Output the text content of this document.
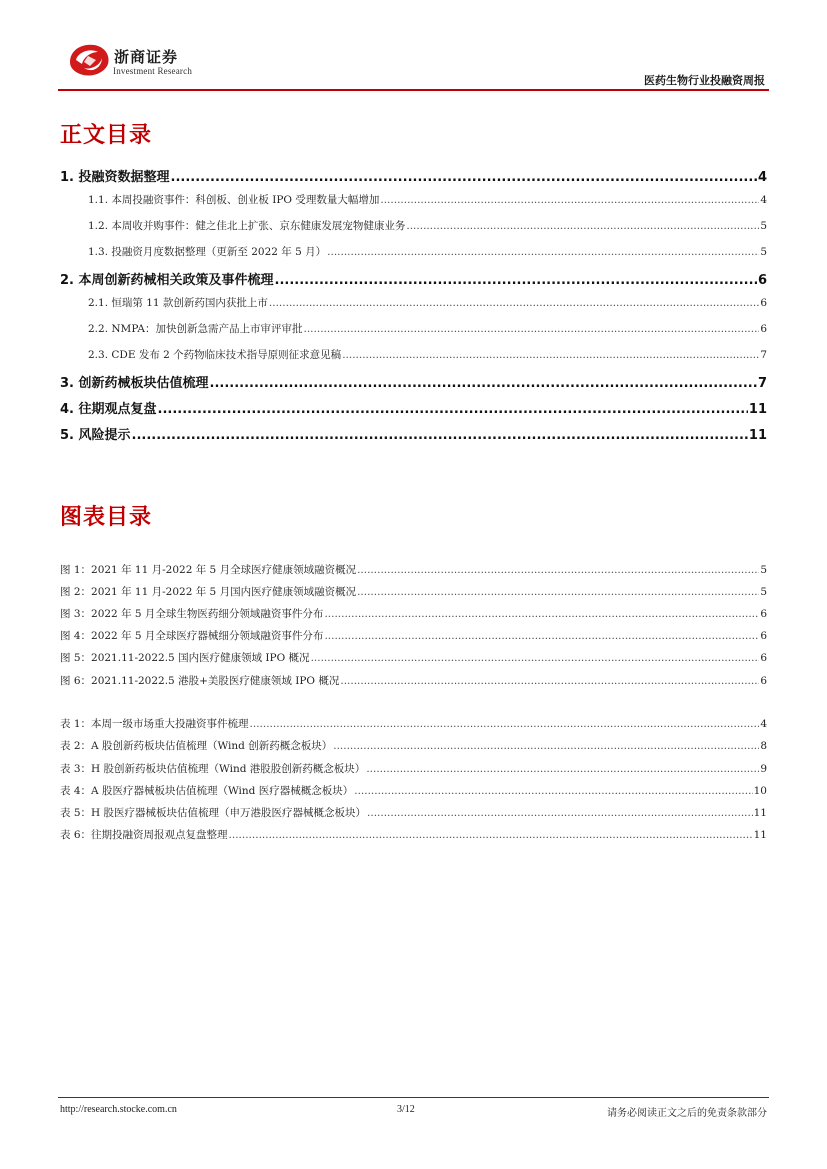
浙商证券
Investment Research
医药生物行业投融资周报
正文目录
1. 投融资数据整理 .....	4
1.1. 本周投融资事件：科创板、创业板 IPO 受理数量大幅增加 .....	4
1.2. 本周收并购事件：健之佳北上扩张、京东健康发展宠物健康业务 .....	5
1.3. 投融资月度数据整理（更新至 2022 年 5 月） .....	5
2. 本周创新药械相关政策及事件梳理 .....	6
2.1. 恒瑞第 11 款创新药国内获批上市 .....	6
2.2. NMPA：加快创新急需产品上市审评审批 .....	6
2.3. CDE 发布 2 个药物临床技术指导原则征求意见稿 .....	7
3. 创新药械板块估值梳理 .....	7
4. 往期观点复盘 .....	11
5. 风险提示 .....	11
图表目录
图 1：2021 年 11 月-2022 年 5 月全球医疗健康领域融资概况 .....	5
图 2：2021 年 11 月-2022 年 5 月国内医疗健康领域融资概况 .....	5
图 3：2022 年 5 月全球生物医药细分领域融资事件分布 .....	6
图 4：2022 年 5 月全球医疗器械细分领域融资事件分布 .....	6
图 5：2021.11-2022.5 国内医疗健康领域 IPO 概况 .....	6
图 6：2021.11-2022.5 港股+美股医疗健康领域 IPO 概况 .....	6
表 1：本周一级市场重大投融资事件梳理 .....	4
表 2：A 股创新药板块估值梳理（Wind 创新药概念板块） .....	8
表 3：H 股创新药板块估值梳理（Wind 港股股创新药概念板块） .....	9
表 4：A 股医疗器械板块估值梳理（Wind 医疗器械概念板块） .....	10
表 5：H 股医疗器械板块估值梳理（申万港股医疗器械概念板块） .....	11
表 6：往期投融资周报观点复盘整理 .....	11
http://research.stocke.com.cn	3/12	请务必阅读正文之后的免责条款部分
